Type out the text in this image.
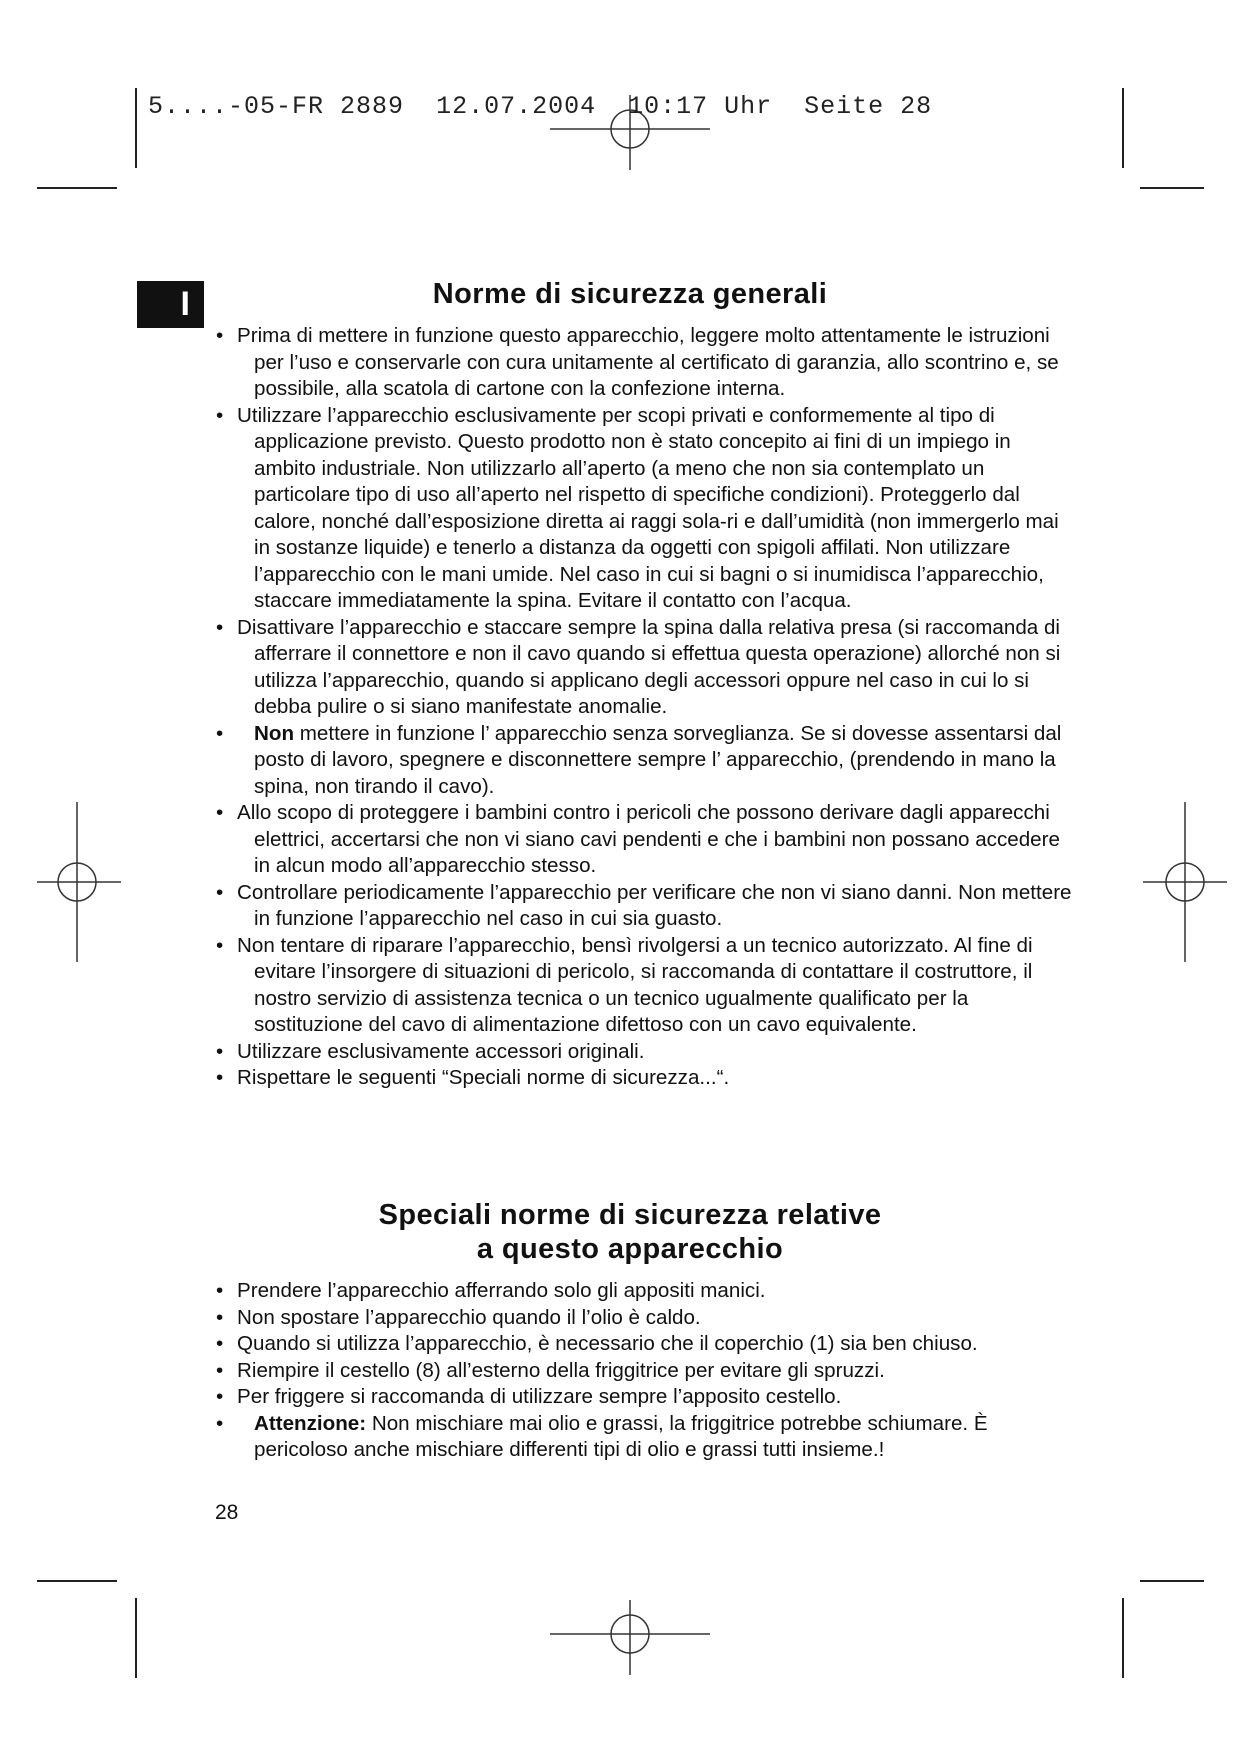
5....-05-FR 2889 12.07.2004 10:17 Uhr Seite 28
I	Norme di sicurezza generali
• Prima di mettere in funzione questo apparecchio, leggere molto attentamente le istruzioni per l’uso e conservarle con cura unitamente al certificato di garanzia, allo scontrino e, se possibile, alla scatola di cartone con la confezione interna.
• Utilizzare l’apparecchio esclusivamente per scopi privati e conformemente al tipo di applicazione previsto. Questo prodotto non è stato concepito ai fini di un impiego in ambito industriale. Non utilizzarlo all’aperto (a meno che non sia contemplato un particolare tipo di uso all’aperto nel rispetto di specifiche condizioni). Proteggerlo dal calore, nonché dall’esposizione diretta ai raggi sola-ri e dall’umidità (non immergerlo mai in sostanze liquide) e tenerlo a distanza da oggetti con spigoli affilati. Non utilizzare l’apparecchio con le mani umide. Nel caso in cui si bagni o si inumidisca l’apparecchio, staccare immediatamente la spina. Evitare il contatto con l’acqua.
• Disattivare l’apparecchio e staccare sempre la spina dalla relativa presa (si raccomanda di afferrare il connettore e non il cavo quando si effettua questa operazione) allorché non si utilizza l’apparecchio, quando si applicano degli accessori oppure nel caso in cui lo si debba pulire o si siano manifestate anomalie.
• Non mettere in funzione l’ apparecchio senza sorveglianza. Se si dovesse assentarsi dal posto di lavoro, spegnere e disconnettere sempre l’ apparecchio, (prendendo in mano la spina, non tirando il cavo).
• Allo scopo di proteggere i bambini contro i pericoli che possono derivare dagli apparecchi elettrici, accertarsi che non vi siano cavi pendenti e che i bambini non possano accedere in alcun modo all’apparecchio stesso.
• Controllare periodicamente l’apparecchio per verificare che non vi siano danni. Non mettere in funzione l’apparecchio nel caso in cui sia guasto.
• Non tentare di riparare l’apparecchio, bensì rivolgersi a un tecnico autorizzato. Al fine di evitare l’insorgere di situazioni di pericolo, si raccomanda di contattare il costruttore, il nostro servizio di assistenza tecnica o un tecnico ugualmente qualificato per la sostituzione del cavo di alimentazione difettoso con un cavo equivalente.
• Utilizzare esclusivamente accessori originali.
• Rispettare le seguenti “Speciali norme di sicurezza...“.
Speciali norme di sicurezza relative
a questo apparecchio
• Prendere l’apparecchio afferrando solo gli appositi manici.
• Non spostare l’apparecchio quando il l’olio è caldo.
• Quando si utilizza l’apparecchio, è necessario che il coperchio (1) sia ben chiuso.
• Riempire il cestello (8) all’esterno della friggitrice per evitare gli spruzzi.
• Per friggere si raccomanda di utilizzare sempre l’apposito cestello.
• Attenzione: Non mischiare mai olio e grassi, la friggitrice potrebbe schiumare. È pericoloso anche mischiare differenti tipi di olio e grassi tutti insieme.!
28
